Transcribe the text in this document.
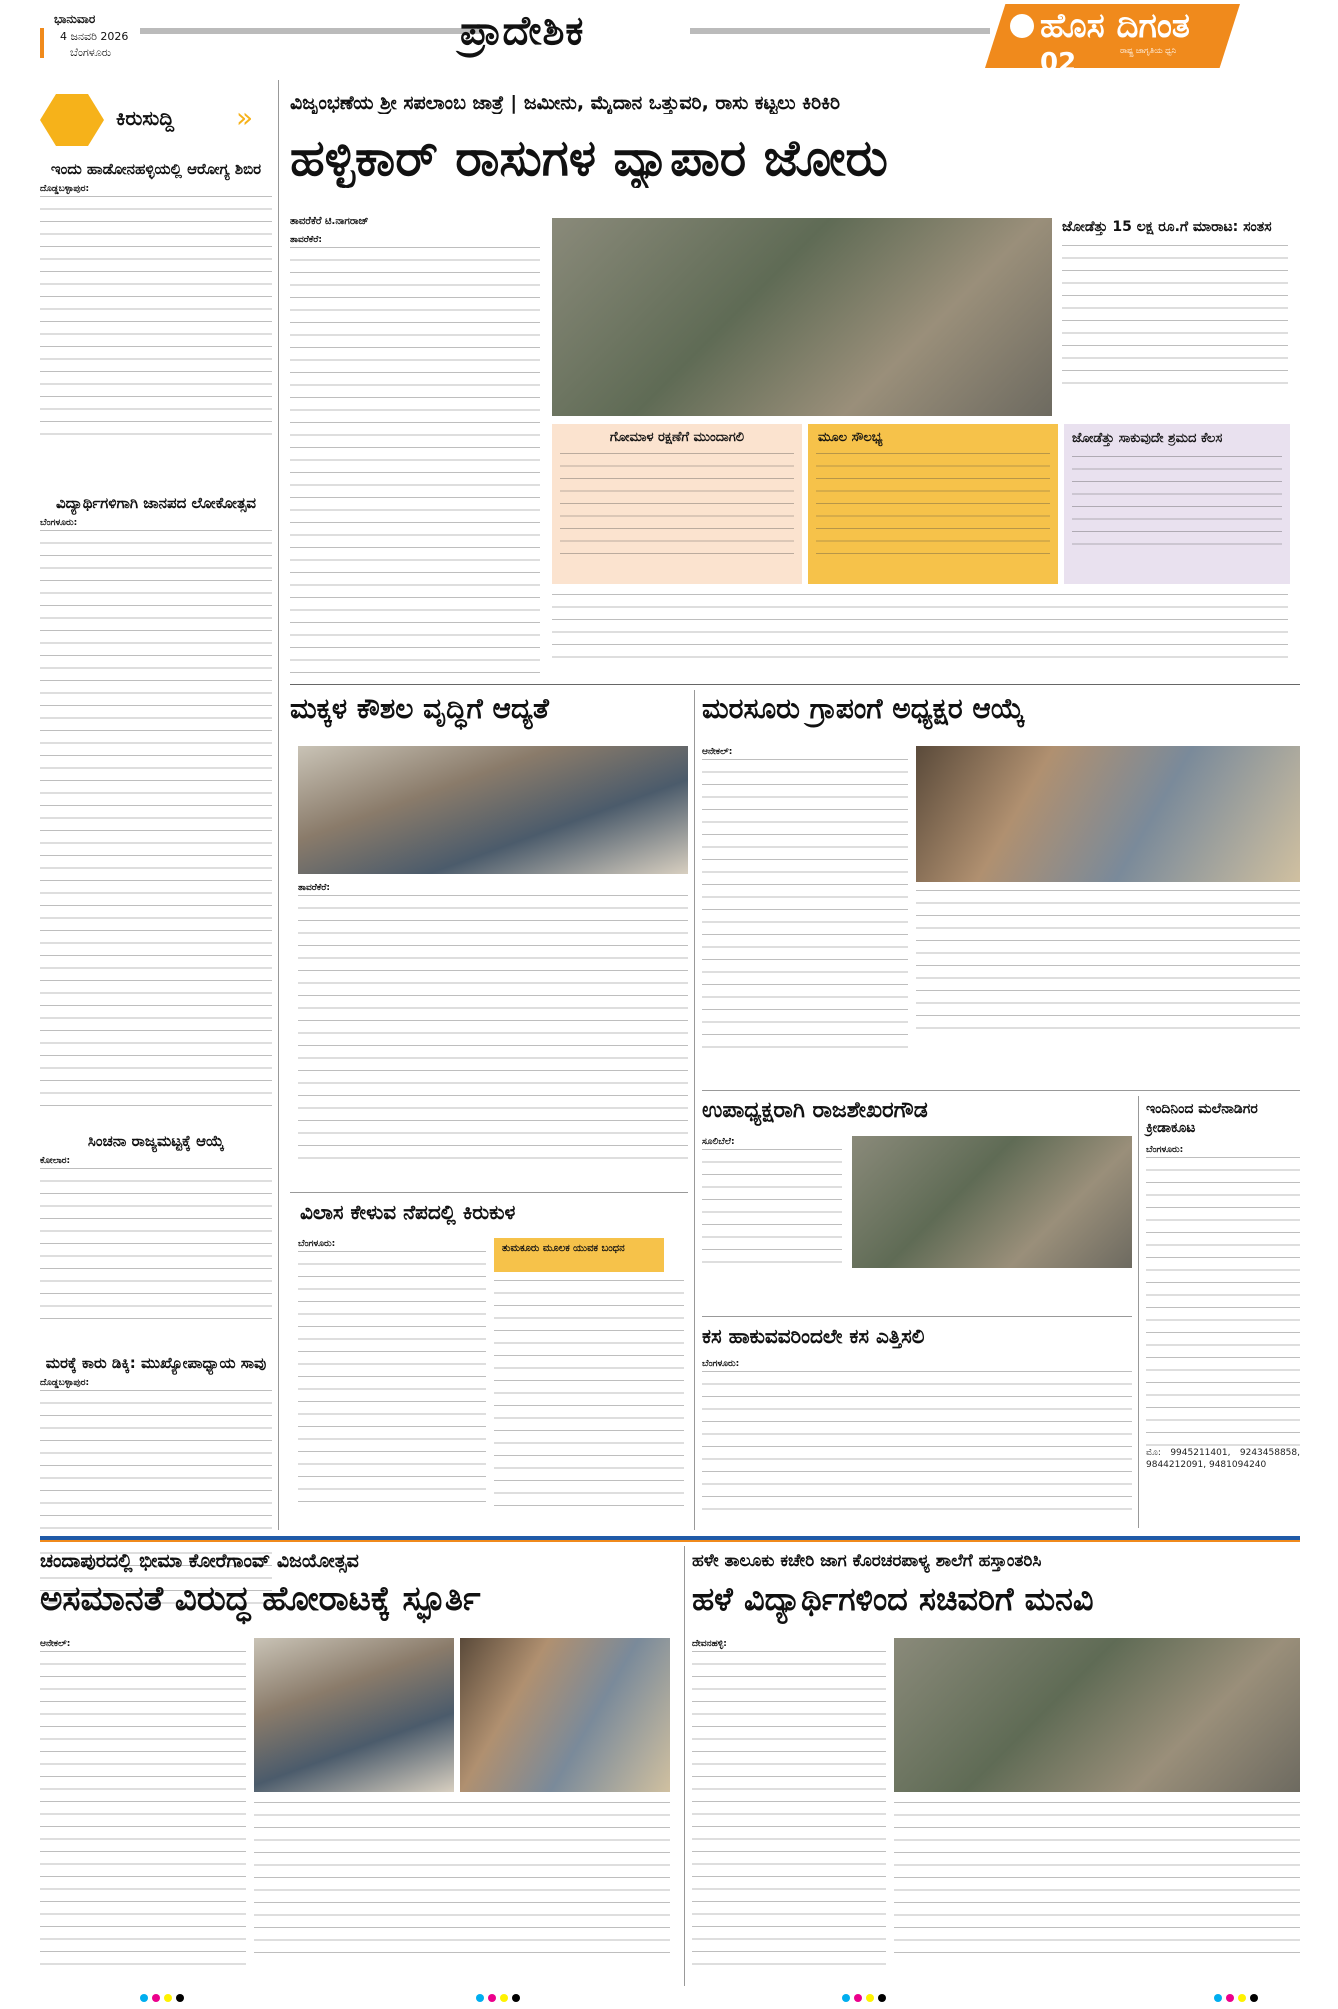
ಭಾನುವಾರ
4 ಜನವರಿ 2026
ಬೆಂಗಳೂರು	ಪ್ರಾದೇಶಿಕ	ಹೊಸ ದಿಗಂತ
ರಾಷ್ಟ್ರ ಜಾಗೃತಿಯ ಧ್ವನಿ
02
ಕಿರುಸುದ್ದಿ »
ಇಂದು ಹಾಡೋನಹಳ್ಳಿಯಲ್ಲಿ ಆರೋಗ್ಯ ಶಿಬಿರ
ದೊಡ್ಡಬಳ್ಳಾಪುರ:
ವಿದ್ಯಾರ್ಥಿಗಳಿಗಾಗಿ ಜಾನಪದ ಲೋಕೋತ್ಸವ
ಬೆಂಗಳೂರು:
ಸಿಂಚನಾ ರಾಜ್ಯಮಟ್ಟಕ್ಕೆ ಆಯ್ಕೆ
ಕೋಲಾರ:
ಮರಕ್ಕೆ ಕಾರು ಡಿಕ್ಕಿ: ಮುಖ್ಯೋಪಾಧ್ಯಾಯ ಸಾವು
ದೊಡ್ಡಬಳ್ಳಾಪುರ:
ವಿಜೃಂಭಣೆಯ ಶ್ರೀ ಸಪಲಾಂಬ ಜಾತ್ರೆ | ಜಮೀನು, ಮೈದಾನ ಒತ್ತುವರಿ, ರಾಸು ಕಟ್ಟಲು ಕಿರಿಕಿರಿ
ಹಳ್ಳಿಕಾರ್ ರಾಸುಗಳ ವ್ಯಾಪಾರ ಜೋರು
ತಾವರೆಕೆರೆ ಟಿ.ನಾಗರಾಜ್
ತಾವರೆಕೆರೆ:
ಜೋಡೆತ್ತು 15 ಲಕ್ಷ ರೂ.ಗೆ ಮಾರಾಟ: ಸಂತಸ
ಗೋಮಾಳ ರಕ್ಷಣೆಗೆ ಮುಂದಾಗಲಿ	ಮೂಲ ಸೌಲಭ್ಯ	ಜೋಡೆತ್ತು ಸಾಕುವುದೇ ಶ್ರಮದ ಕೆಲಸ
ಮಕ್ಕಳ ಕೌಶಲ ವೃದ್ಧಿಗೆ ಆದ್ಯತೆ
ತಾವರೆಕೆರೆ:
ವಿಲಾಸ ಕೇಳುವ ನೆಪದಲ್ಲಿ ಕಿರುಕುಳ
ಬೆಂಗಳೂರು:	ತುಮಕೂರು ಮೂಲಕ ಯುವಕ ಬಂಧನ
ಮರಸೂರು ಗ್ರಾಪಂಗೆ ಅಧ್ಯಕ್ಷರ ಆಯ್ಕೆ
ಆನೇಕಲ್:
ಉಪಾಧ್ಯಕ್ಷರಾಗಿ ರಾಜಶೇಖರಗೌಡ
ಸೂಲಿಬೆಲೆ:
ಇಂದಿನಿಂದ ಮಲೆನಾಡಿಗರ ಕ್ರೀಡಾಕೂಟ
ಬೆಂಗಳೂರು:
ಮೊ: 9945211401, 9243458858, 9844212091, 9481094240
ಕಸ ಹಾಕುವವರಿಂದಲೇ ಕಸ ಎತ್ತಿಸಲಿ
ಬೆಂಗಳೂರು:
ಚಂದಾಪುರದಲ್ಲಿ ಭೀಮಾ ಕೋರೆಗಾಂವ್ ವಿಜಯೋತ್ಸವ
ಅಸಮಾನತೆ ವಿರುದ್ಧ ಹೋರಾಟಕ್ಕೆ ಸ್ಫೂರ್ತಿ
ಆನೇಕಲ್:
ಹಳೇ ತಾಲೂಕು ಕಚೇರಿ ಜಾಗ ಕೊರಚರಪಾಳ್ಯ ಶಾಲೆಗೆ ಹಸ್ತಾಂತರಿಸಿ
ಹಳೆ ವಿದ್ಯಾರ್ಥಿಗಳಿಂದ ಸಚಿವರಿಗೆ ಮನವಿ
ದೇವನಹಳ್ಳಿ:
